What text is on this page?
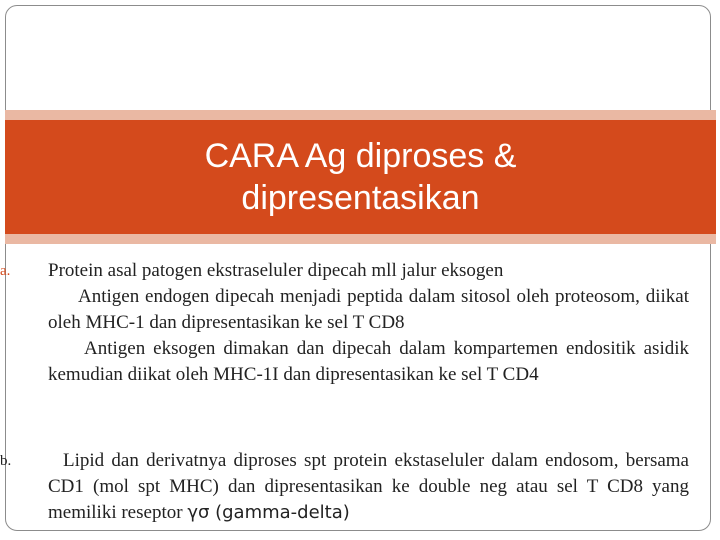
CARA Ag diproses &
dipresentasikan
a. Protein asal patogen ekstraseluler dipecah mll jalur eksogen
Antigen endogen dipecah menjadi peptida dalam sitosol oleh proteosom, diikat oleh MHC-1 dan dipresentasikan ke sel T CD8
Antigen eksogen dimakan dan dipecah dalam kompartemen endositik asidik kemudian diikat oleh MHC-1I dan dipresentasikan ke sel T CD4
b.	Lipid dan derivatnya diproses spt protein ekstaseluler dalam endosom, bersama CD1 (mol spt MHC) dan dipresentasikan ke double neg atau sel T CD8 yang memiliki reseptor γσ (gamma-delta)
